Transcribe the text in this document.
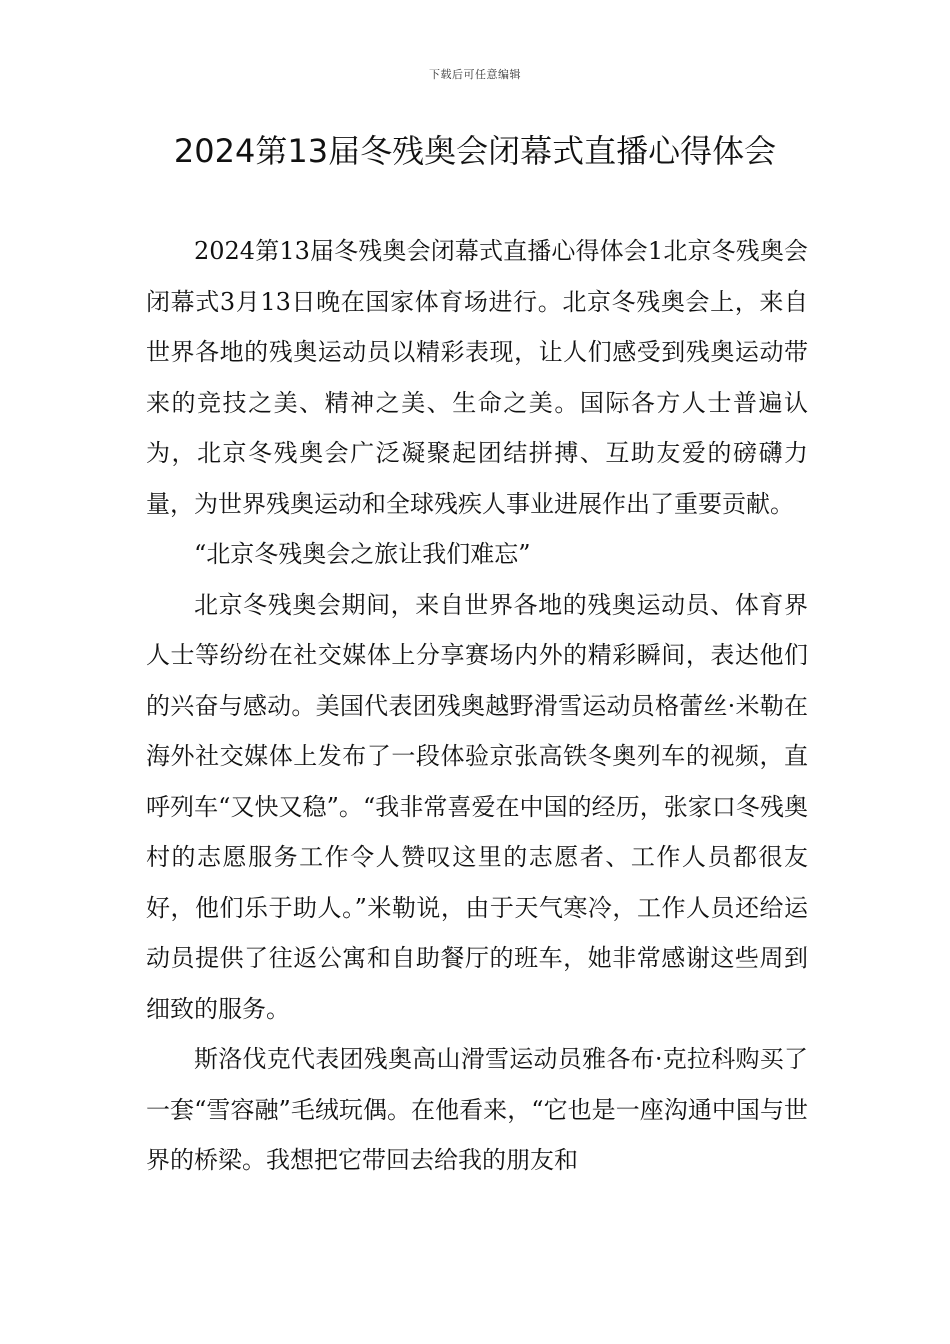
下载后可任意编辑
2024第13届冬残奥会闭幕式直播心得体会

2024第13届冬残奥会闭幕式直播心得体会1北京冬残奥会闭幕式3月13日晚在国家体育场进行。北京冬残奥会上，来自世界各地的残奥运动员以精彩表现，让人们感受到残奥运动带来的竞技之美、精神之美、生命之美。国际各方人士普遍认为，北京冬残奥会广泛凝聚起团结拼搏、互助友爱的磅礴力量，为世界残奥运动和全球残疾人事业进展作出了重要贡献。

“北京冬残奥会之旅让我们难忘”

北京冬残奥会期间，来自世界各地的残奥运动员、体育界人士等纷纷在社交媒体上分享赛场内外的精彩瞬间，表达他们的兴奋与感动。美国代表团残奥越野滑雪运动员格蕾丝·米勒在海外社交媒体上发布了一段体验京张高铁冬奥列车的视频，直呼列车“又快又稳”。“我非常喜爱在中国的经历，张家口冬残奥村的志愿服务工作令人赞叹这里的志愿者、工作人员都很友好，他们乐于助人。”米勒说，由于天气寒冷，工作人员还给运动员提供了往返公寓和自助餐厅的班车，她非常感谢这些周到细致的服务。

斯洛伐克代表团残奥高山滑雪运动员雅各布·克拉科购买了一套“雪容融”毛绒玩偶。在他看来，“它也是一座沟通中国与世界的桥梁。我想把它带回去给我的朋友和
